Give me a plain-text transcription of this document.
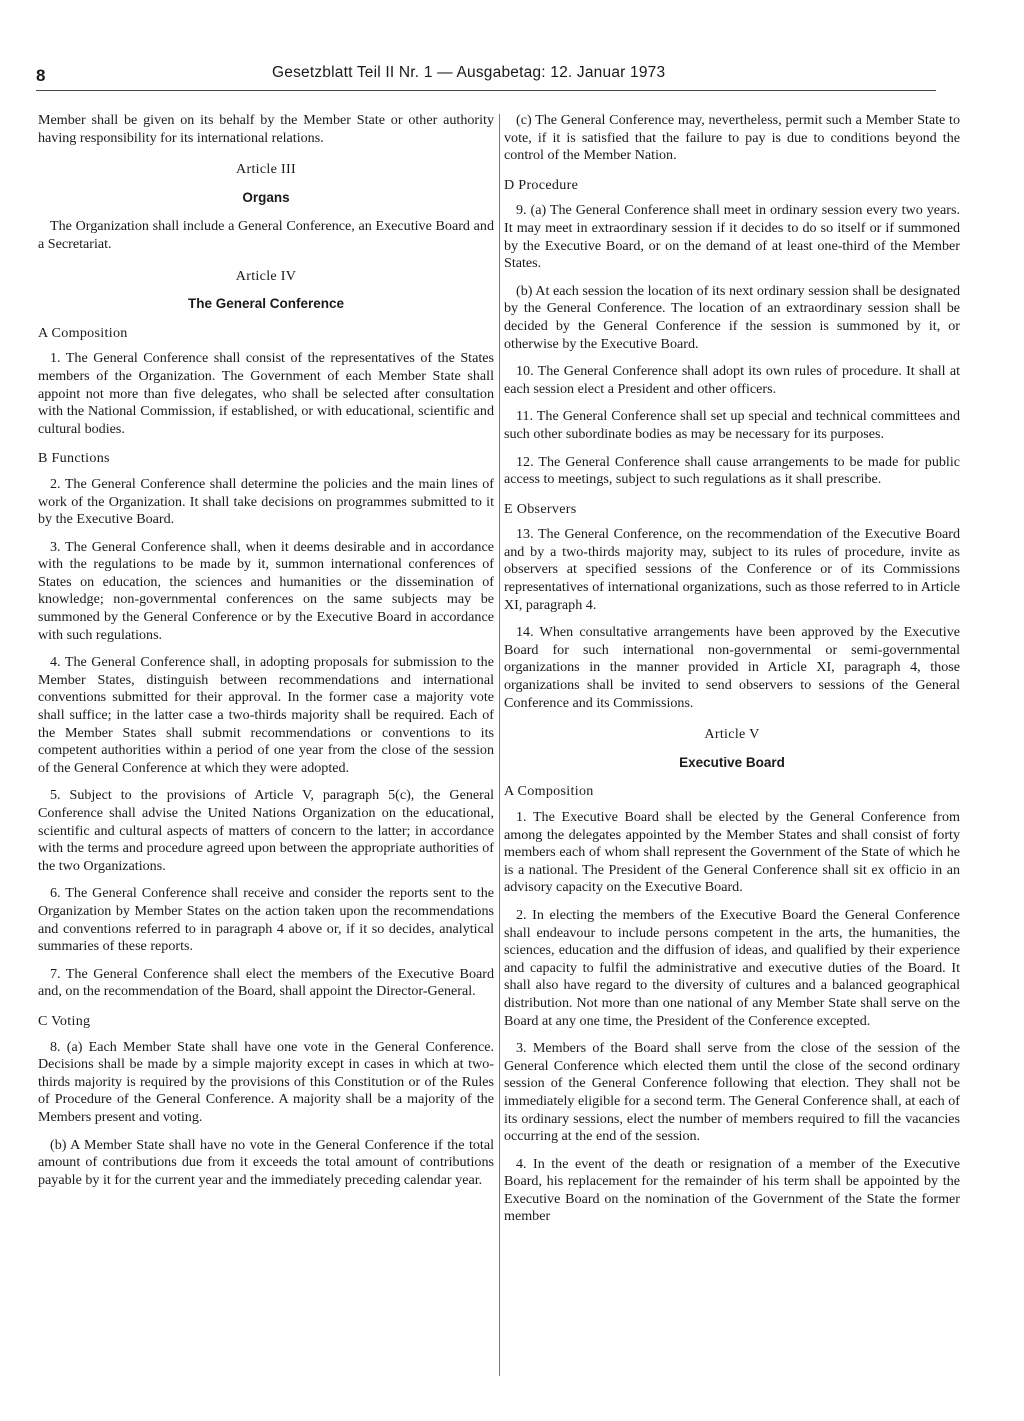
8	Gesetzblatt Teil II Nr. 1 — Ausgabetag: 12. Januar 1973

Member shall be given on its behalf by the Member State or other authority having responsibility for its international relations.

Article III
Organs

The Organization shall include a General Conference, an Executive Board and a Secretariat.

Article IV
The General Conference
A Composition

1. The General Conference shall consist of the representatives of the States members of the Organization. The Government of each Member State shall appoint not more than five delegates, who shall be selected after consultation with the National Commission, if established, or with educational, scientific and cultural bodies.

B Functions

2. The General Conference shall determine the policies and the main lines of work of the Organization. It shall take decisions on programmes submitted to it by the Executive Board.

3. The General Conference shall, when it deems desirable and in accordance with the regulations to be made by it, summon international conferences of States on education, the sciences and humanities or the dissemination of knowledge; non-governmental conferences on the same subjects may be summoned by the General Conference or by the Executive Board in accordance with such regulations.

4. The General Conference shall, in adopting proposals for submission to the Member States, distinguish between recommendations and international conventions submitted for their approval. In the former case a majority vote shall suffice; in the latter case a two-thirds majority shall be required. Each of the Member States shall submit recommendations or conventions to its competent authorities within a period of one year from the close of the session of the General Conference at which they were adopted.

5. Subject to the provisions of Article V, paragraph 5(c), the General Conference shall advise the United Nations Organization on the educational, scientific and cultural aspects of matters of concern to the latter; in accordance with the terms and procedure agreed upon between the appropriate authorities of the two Organizations.

6. The General Conference shall receive and consider the reports sent to the Organization by Member States on the action taken upon the recommendations and conventions referred to in paragraph 4 above or, if it so decides, analytical summaries of these reports.

7. The General Conference shall elect the members of the Executive Board and, on the recommendation of the Board, shall appoint the Director-General.

C Voting

8. (a) Each Member State shall have one vote in the General Conference. Decisions shall be made by a simple majority except in cases in which at two-thirds majority is required by the provisions of this Constitution or of the Rules of Procedure of the General Conference. A majority shall be a majority of the Members present and voting.

(b) A Member State shall have no vote in the General Conference if the total amount of contributions due from it exceeds the total amount of contributions payable by it for the current year and the immediately preceding calendar year.

(c) The General Conference may, nevertheless, permit such a Member State to vote, if it is satisfied that the failure to pay is due to conditions beyond the control of the Member Nation.

D Procedure

9. (a) The General Conference shall meet in ordinary session every two years. It may meet in extraordinary session if it decides to do so itself or if summoned by the Executive Board, or on the demand of at least one-third of the Member States.

(b) At each session the location of its next ordinary session shall be designated by the General Conference. The location of an extraordinary session shall be decided by the General Conference if the session is summoned by it, or otherwise by the Executive Board.

10. The General Conference shall adopt its own rules of procedure. It shall at each session elect a President and other officers.

11. The General Conference shall set up special and technical committees and such other subordinate bodies as may be necessary for its purposes.

12. The General Conference shall cause arrangements to be made for public access to meetings, subject to such regulations as it shall prescribe.

E Observers

13. The General Conference, on the recommendation of the Executive Board and by a two-thirds majority may, subject to its rules of procedure, invite as observers at specified sessions of the Conference or of its Commissions representatives of international organizations, such as those referred to in Article XI, paragraph 4.

14. When consultative arrangements have been approved by the Executive Board for such international non-governmental or semi-governmental organizations in the manner provided in Article XI, paragraph 4, those organizations shall be invited to send observers to sessions of the General Conference and its Commissions.

Article V
Executive Board
A Composition

1. The Executive Board shall be elected by the General Conference from among the delegates appointed by the Member States and shall consist of forty members each of whom shall represent the Government of the State of which he is a national. The President of the General Conference shall sit ex officio in an advisory capacity on the Executive Board.

2. In electing the members of the Executive Board the General Conference shall endeavour to include persons competent in the arts, the humanities, the sciences, education and the diffusion of ideas, and qualified by their experience and capacity to fulfil the administrative and executive duties of the Board. It shall also have regard to the diversity of cultures and a balanced geographical distribution. Not more than one national of any Member State shall serve on the Board at any one time, the President of the Conference excepted.

3. Members of the Board shall serve from the close of the session of the General Conference which elected them until the close of the second ordinary session of the General Conference following that election. They shall not be immediately eligible for a second term. The General Conference shall, at each of its ordinary sessions, elect the number of members required to fill the vacancies occurring at the end of the session.

4. In the event of the death or resignation of a member of the Executive Board, his replacement for the remainder of his term shall be appointed by the Executive Board on the nomination of the Government of the State the former member
